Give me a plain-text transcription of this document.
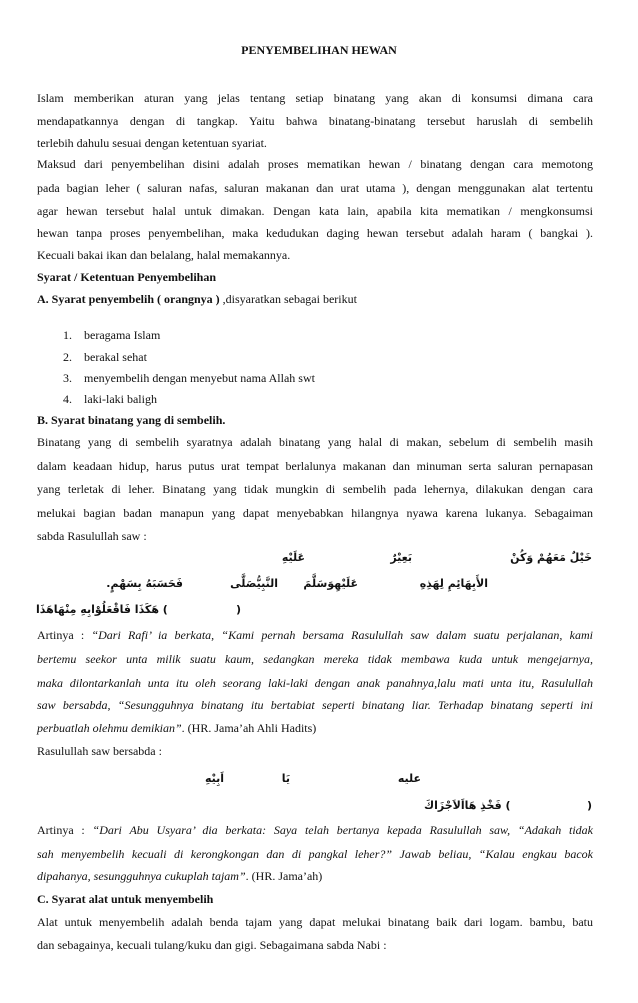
PENYEMBELIHAN HEWAN
Islam memberikan aturan yang jelas tentang setiap binatang yang akan di konsumsi dimana cara
mendapatkannya dengan di tangkap. Yaitu bahwa binatang-binatang tersebut haruslah di sembelih
terlebih dahulu sesuai dengan ketentuan syariat.
Maksud dari penyembelihan disini adalah proses mematikan hewan / binatang dengan cara memotong
pada bagian leher ( saluran nafas, saluran makanan dan urat utama ), dengan menggunakan alat tertentu
agar hewan tersebut halal untuk dimakan. Dengan kata lain, apabila kita mematikan / mengkonsumsi
hewan tanpa proses penyembelihan, maka kedudukan daging hewan tersebut adalah haram ( bangkai ).
Kecuali bakai ikan dan belalang, halal memakannya.
Syarat / Ketentuan Penyembelihan
A. Syarat penyembelih ( orangnya ) ,disyaratkan sebagai berikut
1. beragama Islam
2. berakal sehat
3. menyembelih dengan menyebut nama Allah swt
4. laki-laki baligh
B. Syarat binatang yang di sembelih.
Binatang yang di sembelih syaratnya adalah binatang yang halal di makan, sebelum di sembelih masih
dalam keadaan hidup, harus putus urat tempat berlalunya makanan dan minuman serta saluran pernapasan
yang terletak di leher. Binatang yang tidak mungkin di sembelih pada lehernya, dilakukan dengan cara
melukai bagian badan manapun yang dapat menyebabkan hilangnya nyawa karena lukanya. Sebagaiman
sabda Rasulullah saw :
عَلَيْهِ	بَعِيْرٌ	خَيْلٌ مَعَهُمْ وَكُنْ
فَحَسَبَهُ بِسَهْمٍ.	النَّبِيُّصَلَّى عَلَيْهِوَسَلَّمَ	الأَبِهَائِمِ لِهَذِهِ
هَكَذَا فَاقْعَلُوْابِهِ مِنْهَاهَذَا (	)
Artinya : “Dari Rafi’ ia berkata, “Kami pernah bersama Rasulullah saw dalam suatu perjalanan, kami
bertemu seekor unta milik suatu kaum, sedangkan mereka tidak membawa kuda untuk mengejarnya,
maka dilontarkanlah unta itu oleh seorang laki-laki dengan anak panahnya,lalu mati unta itu, Rasulullah
saw bersabda, “Sesungguhnya binatang itu bertabiat seperti binatang liar. Terhadap binatang seperti ini
perbuatlah olehmu demikian”. (HR. Jama’ah Ahli Hadits)
Rasulullah saw bersabda :
اَبِيْهِ	يَا	عليه
فَخْذِ هَااَلاَجْزَاكَ (	)
Artinya : “Dari Abu Usyara’ dia berkata: Saya telah bertanya kepada Rasulullah saw, “Adakah tidak
sah menyembelih kecuali di kerongkongan dan di pangkal leher?” Jawab beliau, “Kalau engkau bacok
dipahanya, sesungguhnya cukuplah tajam”. (HR. Jama’ah)
C. Syarat alat untuk menyembelih
Alat untuk menyembelih adalah benda tajam yang dapat melukai binatang baik dari logam. bambu, batu
dan sebagainya, kecuali tulang/kuku dan gigi. Sebagaimana sabda Nabi :
